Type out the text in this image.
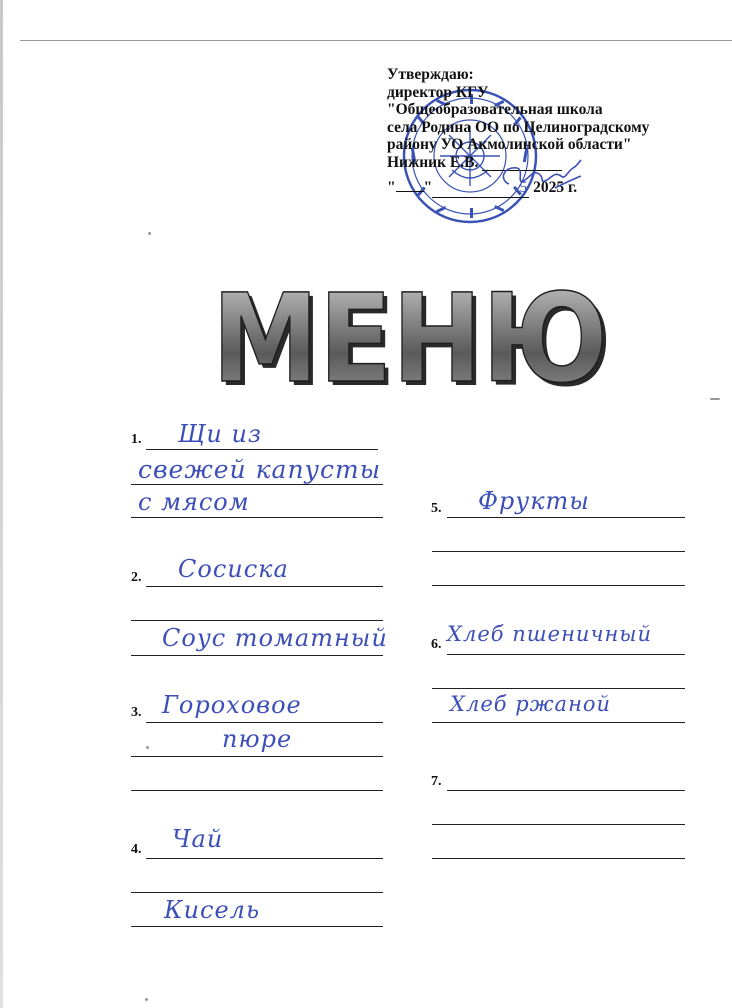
Утверждаю:
директор КГУ
"Общеобразовательная школа
села Родина ОО по Целиноградскому
району УО Акмолинской области"
Нижник Е.В.
" "	5 2025 г.
МЕНЮ
МЕНЮ
1. Щи из
свежей капусты
с мясом
2. Сосиска
Соус томатный
3. Гороховое
пюре
4. Чай
Кисель
5. Фрукты
6. Хлеб пшеничный
Хлеб ржаной
7.
